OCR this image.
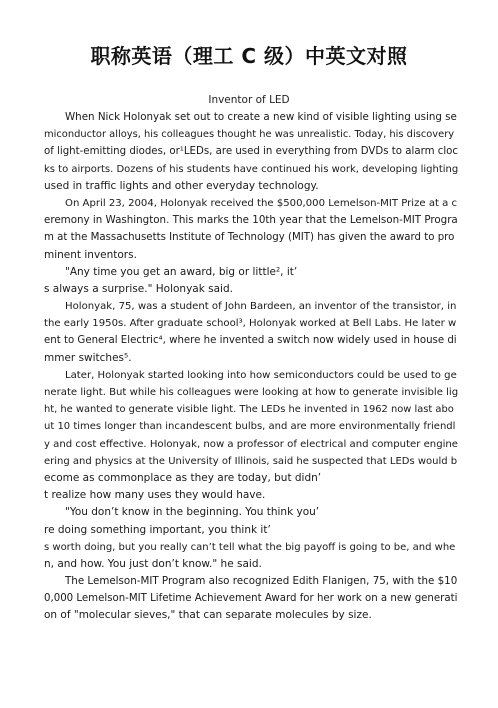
职称英语（理工 C 级）中英文对照
Inventor of LED
When Nick Holonyak set out to create a new kind of visible lighting using se
miconductor alloys, his colleagues thought he was unrealistic. Today, his discovery
of light-emitting diodes, or¹LEDs, are used in everything from DVDs to alarm cloc
ks to airports. Dozens of his students have continued his work, developing lighting
used in traffic lights and other everyday technology.
On April 23, 2004, Holonyak received the $500,000 Lemelson-MIT Prize at a c
eremony in Washington. This marks the 10th year that the Lemelson-MIT Progra
m at the Massachusetts Institute of Technology (MIT) has given the award to pro
minent inventors.
"Any time you get an award, big or little², it’
s always a surprise." Holonyak said.
Holonyak, 75, was a student of John Bardeen, an inventor of the transistor, in
the early 1950s. After graduate school³, Holonyak worked at Bell Labs. He later w
ent to General Electric⁴, where he invented a switch now widely used in house di
mmer switches⁵.
Later, Holonyak started looking into how semiconductors could be used to ge
nerate light. But while his colleagues were looking at how to generate invisible lig
ht, he wanted to generate visible light. The LEDs he invented in 1962 now last abo
ut 10 times longer than incandescent bulbs, and are more environmentally friendl
y and cost effective. Holonyak, now a professor of electrical and computer engine
ering and physics at the University of Illinois, said he suspected that LEDs would b
ecome as commonplace as they are today, but didn’
t realize how many uses they would have.
"You don’t know in the beginning. You think you’
re doing something important, you think it’
s worth doing, but you really can’t tell what the big payoff is going to be, and whe
n, and how. You just don’t know." he said.
The Lemelson-MIT Program also recognized Edith Flanigen, 75, with the $10
0,000 Lemelson-MIT Lifetime Achievement Award for her work on a new generati
on of "molecular sieves," that can separate molecules by size.
